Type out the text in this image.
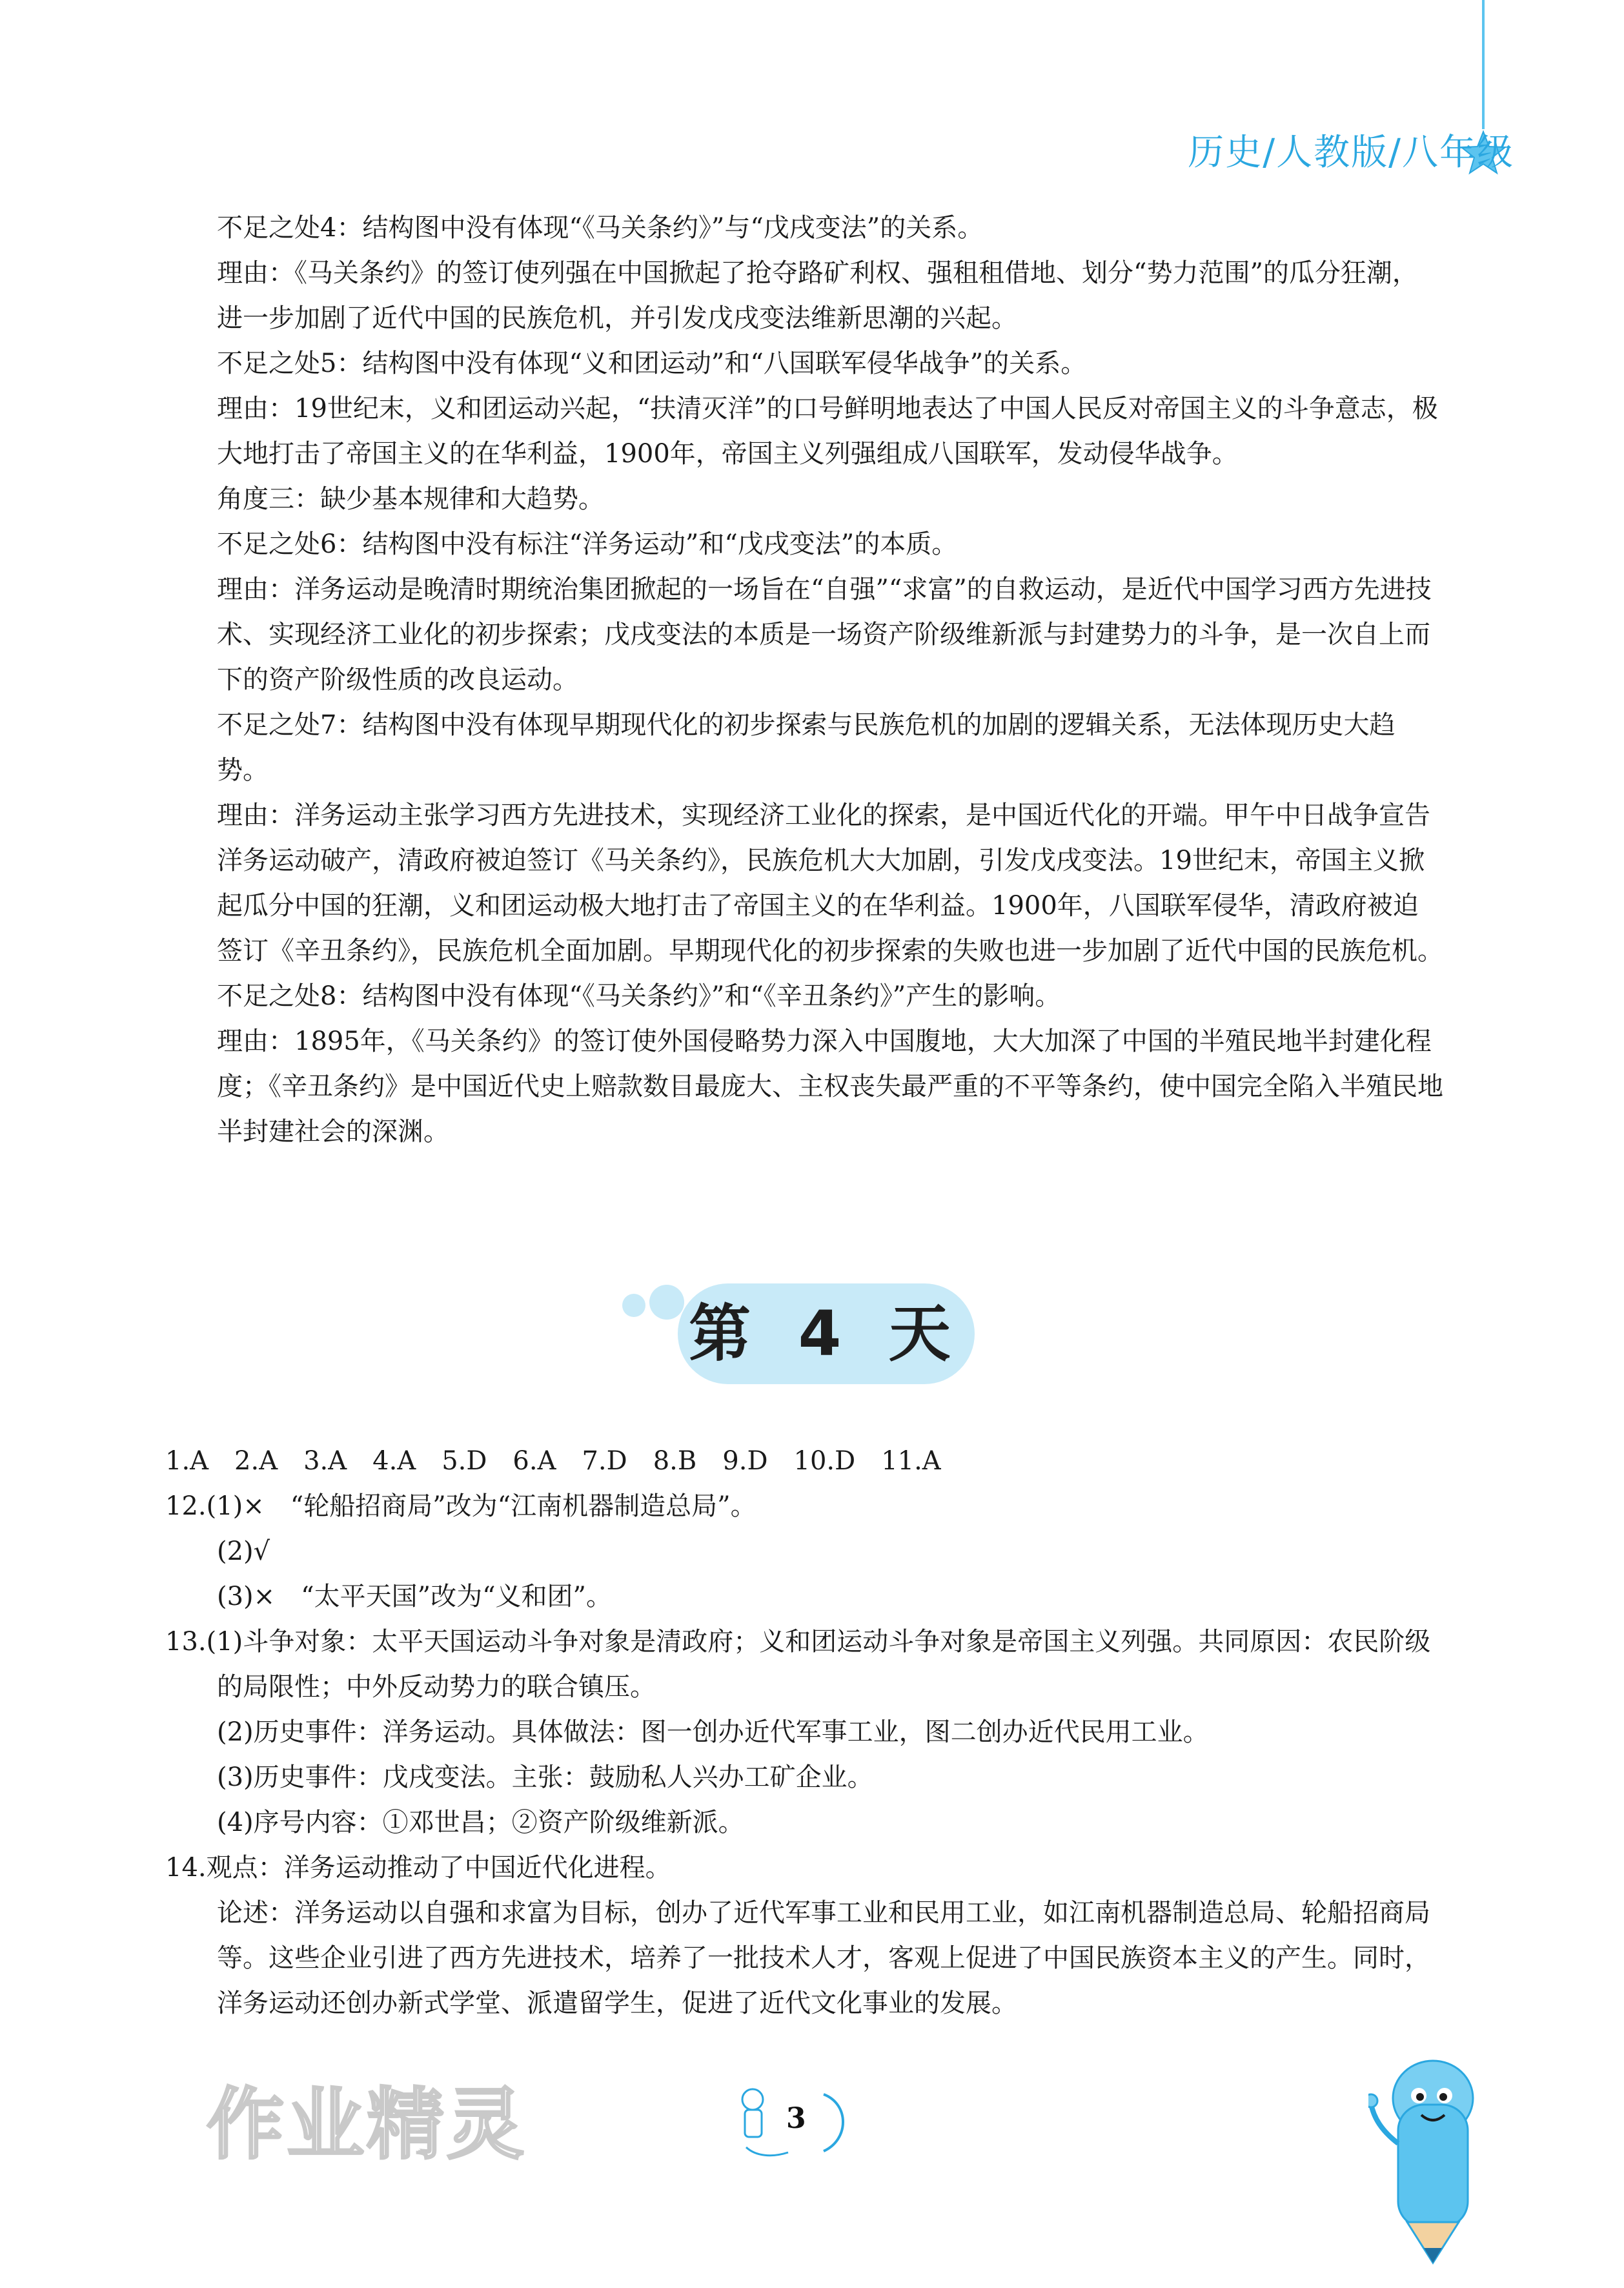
历史/人教版/八年级

不足之处4：结构图中没有体现“《马关条约》”与“戊戌变法”的关系。

理由：《马关条约》的签订使列强在中国掀起了抢夺路矿利权、强租租借地、划分“势力范围”的瓜分狂潮，进一步加剧了近代中国的民族危机，并引发戊戌变法维新思潮的兴起。

不足之处5：结构图中没有体现“义和团运动”和“八国联军侵华战争”的关系。

理由：19世纪末，义和团运动兴起，“扶清灭洋”的口号鲜明地表达了中国人民反对帝国主义的斗争意志，极大地打击了帝国主义的在华利益，1900年，帝国主义列强组成八国联军，发动侵华战争。

角度三：缺少基本规律和大趋势。

不足之处6：结构图中没有标注“洋务运动”和“戊戌变法”的本质。

理由：洋务运动是晚清时期统治集团掀起的一场旨在“自强”“求富”的自救运动，是近代中国学习西方先进技术、实现经济工业化的初步探索；戊戌变法的本质是一场资产阶级维新派与封建势力的斗争，是一次自上而下的资产阶级性质的改良运动。

不足之处7：结构图中没有体现早期现代化的初步探索与民族危机的加剧的逻辑关系，无法体现历史大趋势。

理由：洋务运动主张学习西方先进技术，实现经济工业化的探索，是中国近代化的开端。甲午中日战争宣告洋务运动破产，清政府被迫签订《马关条约》，民族危机大大加剧，引发戊戌变法。19世纪末，帝国主义掀起瓜分中国的狂潮，义和团运动极大地打击了帝国主义的在华利益。1900年，八国联军侵华，清政府被迫签订《辛丑条约》，民族危机全面加剧。早期现代化的初步探索的失败也进一步加剧了近代中国的民族危机。

不足之处8：结构图中没有体现“《马关条约》”和“《辛丑条约》”产生的影响。

理由：1895年，《马关条约》的签订使外国侵略势力深入中国腹地，大大加深了中国的半殖民地半封建化程度；《辛丑条约》是中国近代史上赔款数目最庞大、主权丧失最严重的不平等条约，使中国完全陷入半殖民地半封建社会的深渊。

第 4 天

1.A　2.A　3.A　4.A　5.D　6.A　7.D　8.B　9.D　10.D　11.A

12.(1)×　“轮船招商局”改为“江南机器制造总局”。

(2)√

(3)×　“太平天国”改为“义和团”。

13.(1)斗争对象：太平天国运动斗争对象是清政府；义和团运动斗争对象是帝国主义列强。共同原因：农民阶级的局限性；中外反动势力的联合镇压。

(2)历史事件：洋务运动。具体做法：图一创办近代军事工业，图二创办近代民用工业。

(3)历史事件：戊戌变法。主张：鼓励私人兴办工矿企业。

(4)序号内容：①邓世昌；②资产阶级维新派。

14.观点：洋务运动推动了中国近代化进程。

论述：洋务运动以自强和求富为目标，创办了近代军事工业和民用工业，如江南机器制造总局、轮船招商局等。这些企业引进了西方先进技术，培养了一批技术人才，客观上促进了中国民族资本主义的产生。同时，洋务运动还创办新式学堂、派遣留学生，促进了近代文化事业的发展。

作业精灵	3
